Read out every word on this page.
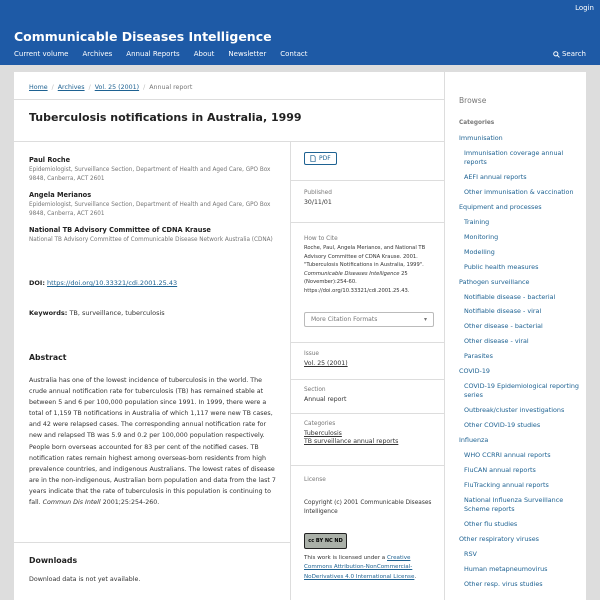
Login
Communicable Diseases Intelligence
Current volume Archives Annual Reports About Newsletter Contact	Search
Home / Archives / Vol. 25 (2001) / Annual report
Tuberculosis notifications in Australia, 1999
Paul Roche
Epidemiologist, Surveillance Section, Department of Health and Aged Care, GPO Box 9848, Canberra, ACT 2601
Angela Merianos
Epidemiologist, Surveillance Section, Department of Health and Aged Care, GPO Box 9848, Canberra, ACT 2601
National TB Advisory Committee of CDNA Krause
National TB Advisory Committee of Communicable Disease Network Australia (CDNA)
DOI: https://doi.org/10.33321/cdi.2001.25.43
Keywords: TB, surveillance, tuberculosis
Abstract
Australia has one of the lowest incidence of tuberculosis in the world. The crude annual notification rate for tuberculosis (TB) has remained stable at between 5 and 6 per 100,000 population since 1991. In 1999, there were a total of 1,159 TB notifications in Australia of which 1,117 were new TB cases, and 42 were relapsed cases. The corresponding annual notification rate for new and relapsed TB was 5.9 and 0.2 per 100,000 population respectively. People born overseas accounted for 83 per cent of the notified cases. TB notification rates remain highest among overseas-born residents from high prevalence countries, and indigenous Australians. The lowest rates of disease are in the non-indigenous, Australian born population and data from the last 7 years indicate that the rate of tuberculosis in this population is continuing to fall. Commun Dis Intell 2001;25:254-260.
Downloads
Download data is not yet available.
PDF
Published
30/11/01
How to Cite
Roche, Paul, Angela Merianos, and National TB Advisory Committee of CDNA Krause. 2001. "Tuberculosis Notifications in Australia, 1999". Communicable Diseases Intelligence 25 (November):254-60. https://doi.org/10.33321/cdi.2001.25.43.
More Citation Formats	▾
Issue
Vol. 25 (2001)
Section
Annual report
Categories
Tuberculosis
TB surveillance annual reports
License
Copyright (c) 2001 Communicable Diseases Intelligence
cc BY NC ND
This work is licensed under a Creative Commons Attribution-NonCommercial-NoDerivatives 4.0 International License.
Browse
Categories
Immunisation
Immunisation coverage annual reports
AEFI annual reports
Other immunisation & vaccination
Equipment and processes
Training
Monitoring
Modelling
Public health measures
Pathogen surveillance
Notifiable disease - bacterial
Notifiable disease - viral
Other disease - bacterial
Other disease - viral
Parasites
COVID-19
COVID-19 Epidemiological reporting series
Outbreak/cluster investigations
Other COVID-19 studies
Influenza
WHO CCRRI annual reports
FluCAN annual reports
FluTracking annual reports
National Influenza Surveillance Scheme reports
Other flu studies
Other respiratory viruses
RSV
Human metapneumovirus
Other resp. virus studies
